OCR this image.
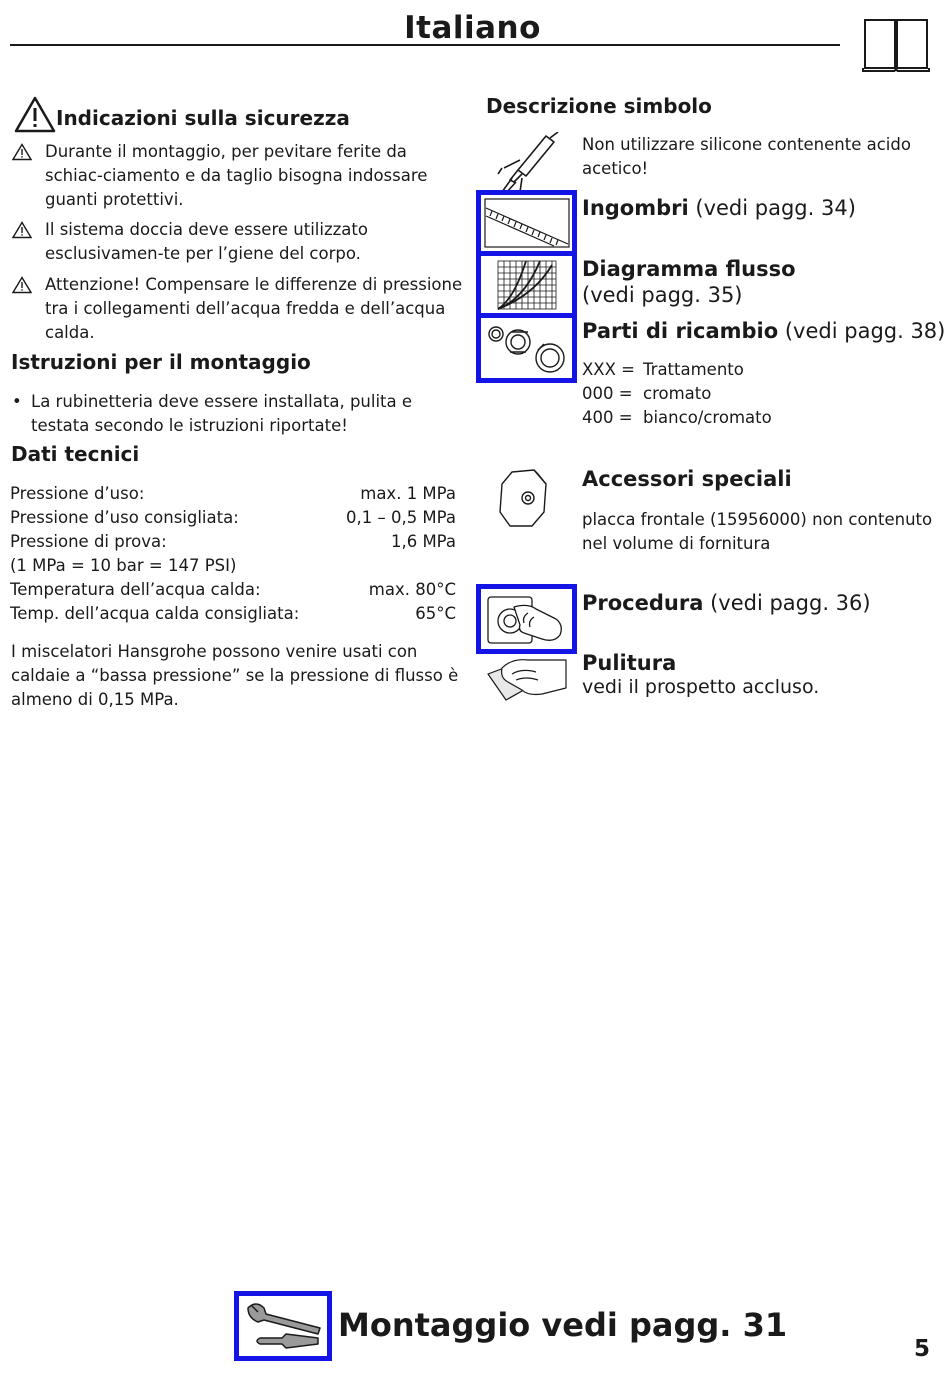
Italiano
Indicazioni sulla sicurezza
Durante il montaggio, per pevitare ferite da schiac-ciamento e da taglio bisogna indossare guanti protettivi.
Il sistema doccia deve essere utilizzato esclusivamen-te per l’giene del corpo.
Attenzione! Compensare le differenze di pressione tra i collegamenti dell’acqua fredda e dell’acqua calda.
Istruzioni per il montaggio
• La rubinetteria deve essere installata, pulita e testata secondo le istruzioni riportate!
Dati tecnici
Pressione d’uso:	max. 1 MPa
Pressione d’uso consigliata:	0,1 – 0,5 MPa
Pressione di prova:	1,6 MPa
(1 MPa = 10 bar = 147 PSI)
Temperatura dell’acqua calda:	max. 80°C
Temp. dell’acqua calda consigliata:	65°C
I miscelatori Hansgrohe possono venire usati con caldaie a “bassa pressione” se la pressione di flusso è almeno di 0,15 MPa.
Descrizione simbolo
Non utilizzare silicone contenente acido acetico!
Ingombri (vedi pagg. 34)
Diagramma flusso
(vedi pagg. 35)
Parti di ricambio (vedi pagg. 38)
XXX = Trattamento
000 = cromato
400 = bianco/cromato
Accessori speciali
placca frontale (15956000) non contenuto nel volume di fornitura
Procedura (vedi pagg. 36)
Pulitura
vedi il prospetto accluso.
Montaggio vedi pagg. 31
5
